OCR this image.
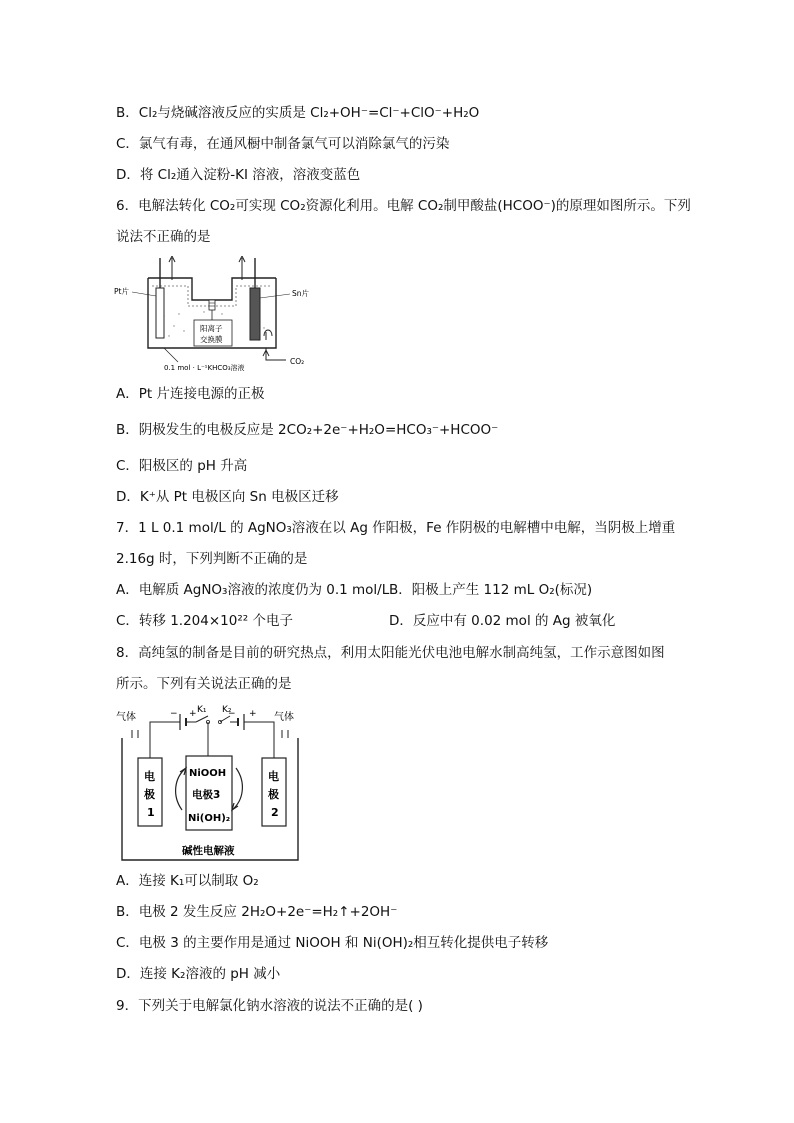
B．Cl₂与烧碱溶液反应的实质是 Cl₂+OH⁻=Cl⁻+ClO⁻+H₂O
C．氯气有毒，在通风橱中制备氯气可以消除氯气的污染
D．将 Cl₂通入淀粉-KI 溶液，溶液变蓝色
6．电解法转化 CO₂可实现 CO₂资源化利用。电解 CO₂制甲酸盐(HCOO⁻)的原理如图所示。下列
说法不正确的是
Pt片	Sn片
阳离子
交换膜
0.1 mol · L⁻¹KHCO₃溶液
CO₂
A．Pt 片连接电源的正极
B．阴极发生的电极反应是 2CO₂+2e⁻+H₂O=HCO₃⁻+HCOO⁻
C．阳极区的 pH 升高
D．K⁺从 Pt 电极区向 Sn 电极区迁移
7．1 L 0.1 mol/L 的 AgNO₃溶液在以 Ag 作阳极，Fe 作阴极的电解槽中电解，当阴极上增重
2.16g 时，下列判断不正确的是
A．电解质 AgNO₃溶液的浓度仍为 0.1 mol/L B．阳极上产生 112 mL O₂(标况)
C．转移 1.204×10²² 个电子	D．反应中有 0.02 mol 的 Ag 被氧化
8．高纯氢的制备是目前的研究热点，利用太阳能光伏电池电解水制高纯氢，工作示意图如图
所示。下列有关说法正确的是
气体	气体
− + K₁ K₂
− +
电
极
1
电
极
2
NiOOH
电极3
Ni(OH)₂
碱性电解液
A．连接 K₁可以制取 O₂
B．电极 2 发生反应 2H₂O+2e⁻=H₂↑+2OH⁻
C．电极 3 的主要作用是通过 NiOOH 和 Ni(OH)₂相互转化提供电子转移
D．连接 K₂溶液的 pH 减小
9．下列关于电解氯化钠水溶液的说法不正确的是( )
